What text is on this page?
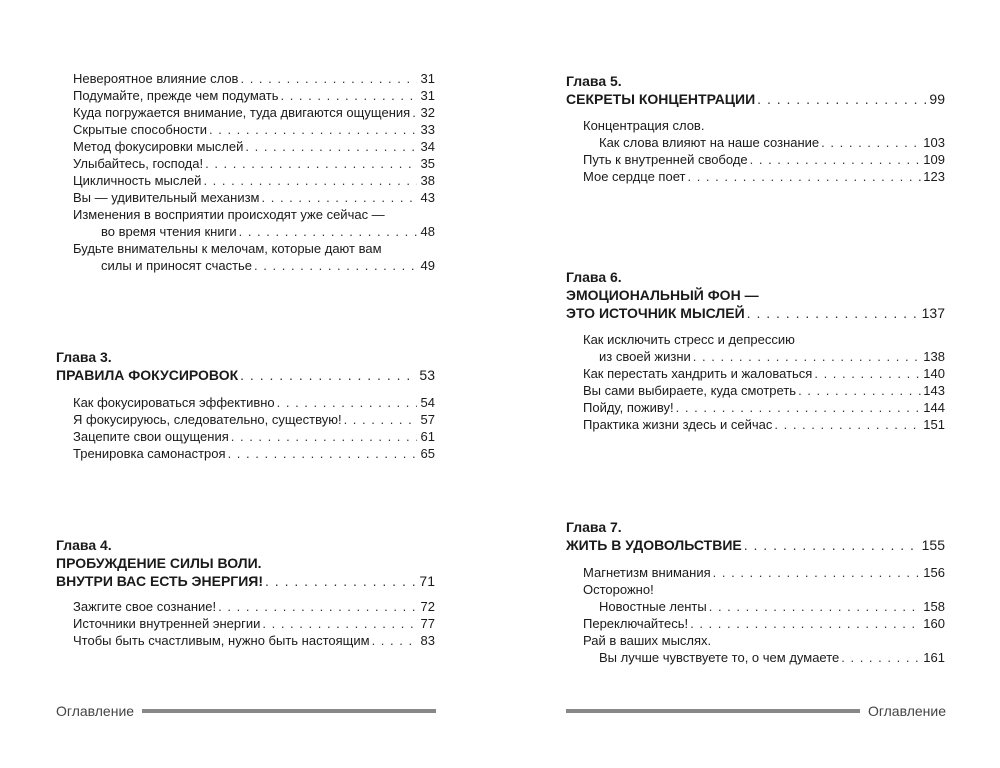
Невероятное влияние слов . . .	31
Подумайте, прежде чем подумать . . .	31
Куда погружается внимание, туда двигаются ощущения . . . 32
Скрытые способности . . .	33
Метод фокусировки мыслей . . .	34
Улыбайтесь, господа! . . .	35
Цикличность мыслей . . .	38
Вы — удивительный механизм . . .	43
Изменения в восприятии происходят уже сейчас —
во время чтения книги . . .	48
Будьте внимательны к мелочам, которые дают вам
силы и приносят счастье . . .	49
Глава 3.
ПРАВИЛА ФОКУСИРОВОК . . .	53
Как фокусироваться эффективно . . .	54
Я фокусируюсь, следовательно, существую! . . .	57
Зацепите свои ощущения . . .	61
Тренировка самонастроя . . .	65
Глава 4.
ПРОБУЖДЕНИЕ СИЛЫ ВОЛИ.
ВНУТРИ ВАС ЕСТЬ ЭНЕРГИЯ! . . .	71
Зажгите свое сознание! . . .	72
Источники внутренней энергии . . .	77
Чтобы быть счастливым, нужно быть настоящим . . .	83
Оглавление
Глава 5.
СЕКРЕТЫ КОНЦЕНТРАЦИИ . . .	99
Концентрация слов.
Как слова влияют на наше сознание . . .	103
Путь к внутренней свободе . . .	109
Мое сердце поет . . .	123
Глава 6.
ЭМОЦИОНАЛЬНЫЙ ФОН —
ЭТО ИСТОЧНИК МЫСЛЕЙ . . .	137
Как исключить стресс и депрессию
из своей жизни . . .	138
Как перестать хандрить и жаловаться . . .	140
Вы сами выбираете, куда смотреть . . .	143
Пойду, поживу! . . .	144
Практика жизни здесь и сейчас . . .	151
Глава 7.
ЖИТЬ В УДОВОЛЬСТВИЕ . . .	155
Магнетизм внимания . . .	156
Осторожно!
Новостные ленты . . .	158
Переключайтесь! . . .	160
Рай в ваших мыслях.
Вы лучше чувствуете то, о чем думаете . . .	161
Оглавление
